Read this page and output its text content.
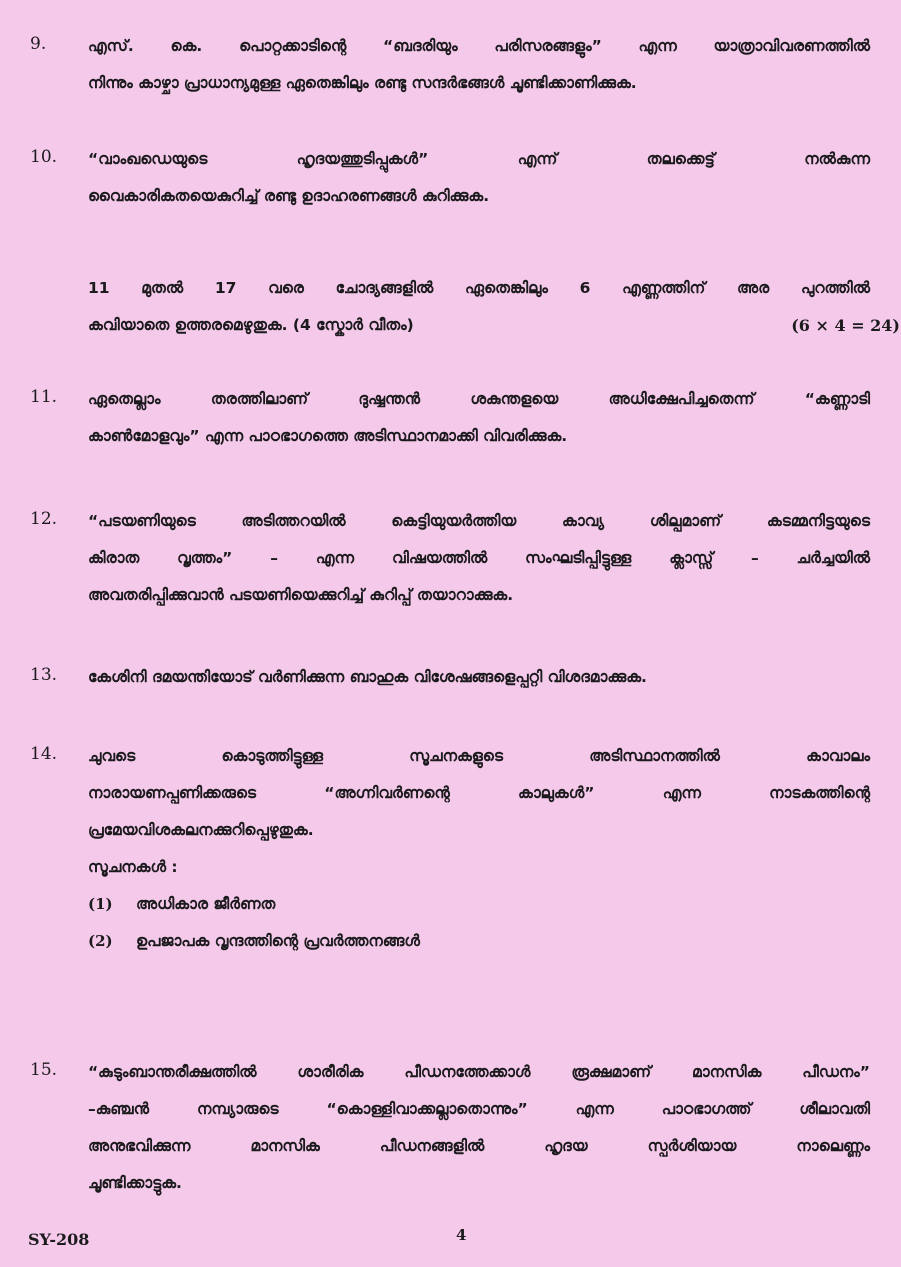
9.	എസ്. കെ. പൊറ്റക്കാടിന്റെ “ബദരിയും പരിസരങ്ങളും” എന്ന യാത്രാവിവരണത്തിൽ
നിന്നും കാഴ്ചാ പ്രാധാന്യമുള്ള ഏതെങ്കിലും രണ്ടു സന്ദർഭങ്ങൾ ചൂണ്ടിക്കാണിക്കുക.
10. “വാംഖഡെയുടെ ഹൃദയത്തുടിപ്പുകൾ” എന്ന് തലക്കെട്ട് നൽകുന്ന
വൈകാരികതയെകുറിച്ച് രണ്ടു ഉദാഹരണങ്ങൾ കുറിക്കുക.
11 മുതൽ 17 വരെ ചോദ്യങ്ങളിൽ ഏതെങ്കിലും 6 എണ്ണത്തിന് അര പുറത്തിൽ
കവിയാതെ ഉത്തരമെഴുതുക. (4 സ്കോർ വീതം)	(6 × 4 = 24)
11. ഏതെല്ലാം തരത്തിലാണ് ദുഷ്ഷന്തൻ ശകുന്തളയെ അധിക്ഷേപിച്ചതെന്ന് “കണ്ണാടി
കാൺമോളവും” എന്ന പാഠഭാഗത്തെ അടിസ്ഥാനമാക്കി വിവരിക്കുക.
12. “പടയണിയുടെ അടിത്തറയിൽ കെട്ടിയുയർത്തിയ കാവ്യ ശില്പമാണ് കടമ്മനിട്ടയുടെ
കിരാത വൃത്തം” – എന്ന വിഷയത്തിൽ സംഘടിപ്പിട്ടുള്ള ക്ലാസ്സ് – ചർച്ചയിൽ
അവതരിപ്പിക്കുവാൻ പടയണിയെക്കുറിച്ച് കുറിപ്പ് തയാറാക്കുക.
13. കേശിനി ദമയന്തിയോട് വർണിക്കുന്ന ബാഹുക വിശേഷങ്ങളെപ്പറ്റി വിശദമാക്കുക.
14. ചുവടെ കൊടുത്തിട്ടുള്ള സൂചനകളുടെ അടിസ്ഥാനത്തിൽ കാവാലം
നാരായണപ്പണിക്കരുടെ “അഗ്നിവർണന്റെ കാലുകൾ” എന്ന നാടകത്തിന്റെ
പ്രമേയവിശകലനക്കുറിപ്പെഴുതുക.
സൂചനകൾ :
(1) അധികാര ജീർണത
(2) ഉപജാപക വൃന്ദത്തിന്റെ പ്രവർത്തനങ്ങൾ
15. “കുടുംബാന്തരീക്ഷത്തിൽ ശാരീരിക പീഡനത്തേക്കാൾ രൂക്ഷമാണ് മാനസിക പീഡനം”
–കുഞ്ചൻ നമ്പ്യാരുടെ “കൊള്ളിവാക്കല്ലാതൊന്നും” എന്ന പാഠഭാഗത്ത് ശീലാവതി
അനുഭവിക്കുന്ന മാനസിക പീഡനങ്ങളിൽ ഹൃദയ സ്പർശിയായ നാലെണ്ണം
ചൂണ്ടിക്കാട്ടുക.
SY-208	4
